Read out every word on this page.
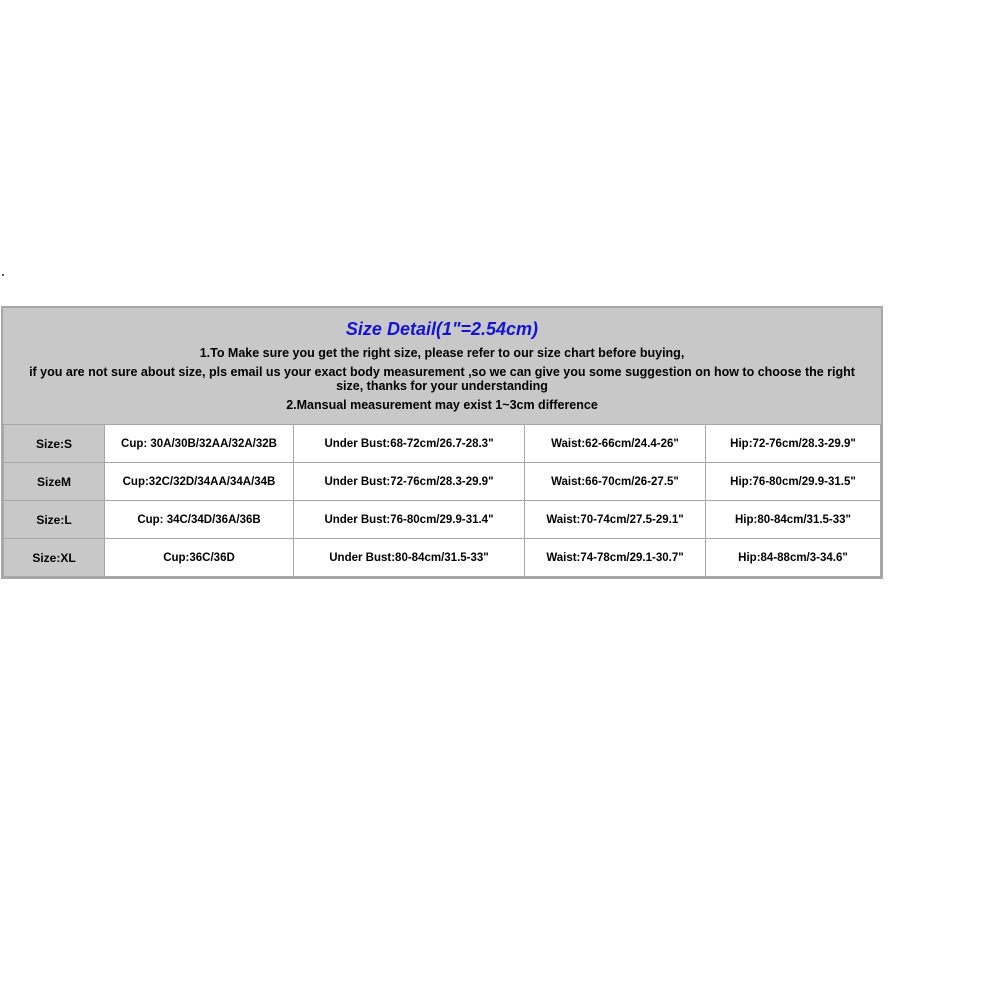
Size Detail(1"=2.54cm)
1.To Make sure you get the right size, please refer to our size chart before buying,
if you are not sure about size, pls email us your exact body measurement ,so we can give you some suggestion on how to choose the right size, thanks for your understanding
2.Mansual measurement may exist 1~3cm difference
Size:S	Cup: 30A/30B/32AA/32A/32B	Under Bust:68-72cm/26.7-28.3"	Waist:62-66cm/24.4-26"	Hip:72-76cm/28.3-29.9"
SizeM	Cup:32C/32D/34AA/34A/34B	Under Bust:72-76cm/28.3-29.9"	Waist:66-70cm/26-27.5"	Hip:76-80cm/29.9-31.5"
Size:L	Cup: 34C/34D/36A/36B	Under Bust:76-80cm/29.9-31.4"	Waist:70-74cm/27.5-29.1"	Hip:80-84cm/31.5-33"
Size:XL	Cup:36C/36D	Under Bust:80-84cm/31.5-33"	Waist:74-78cm/29.1-30.7"	Hip:84-88cm/3-34.6"
